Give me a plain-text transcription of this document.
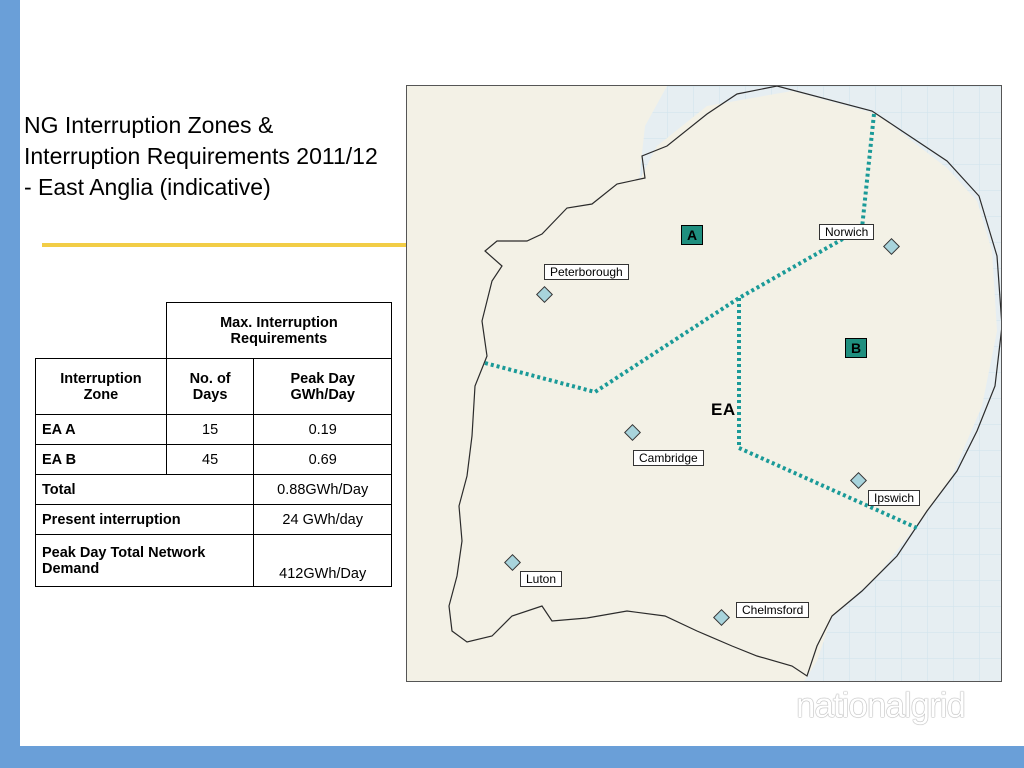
NG Interruption Zones & Interruption Requirements 2011/12 - East Anglia (indicative)
	Max. Interruption Requirements	
Interruption Zone	No. of Days	Peak Day GWh/Day
EA A	15	0.19
EA B	45	0.69
Total		0.88GWh/Day
Present interruption		24 GWh/day
Peak Day Total Network Demand		412GWh/Day
Peterborough
Norwich
Cambridge
Ipswich
Luton
Chelmsford
A
B
EA
nationalgrid
